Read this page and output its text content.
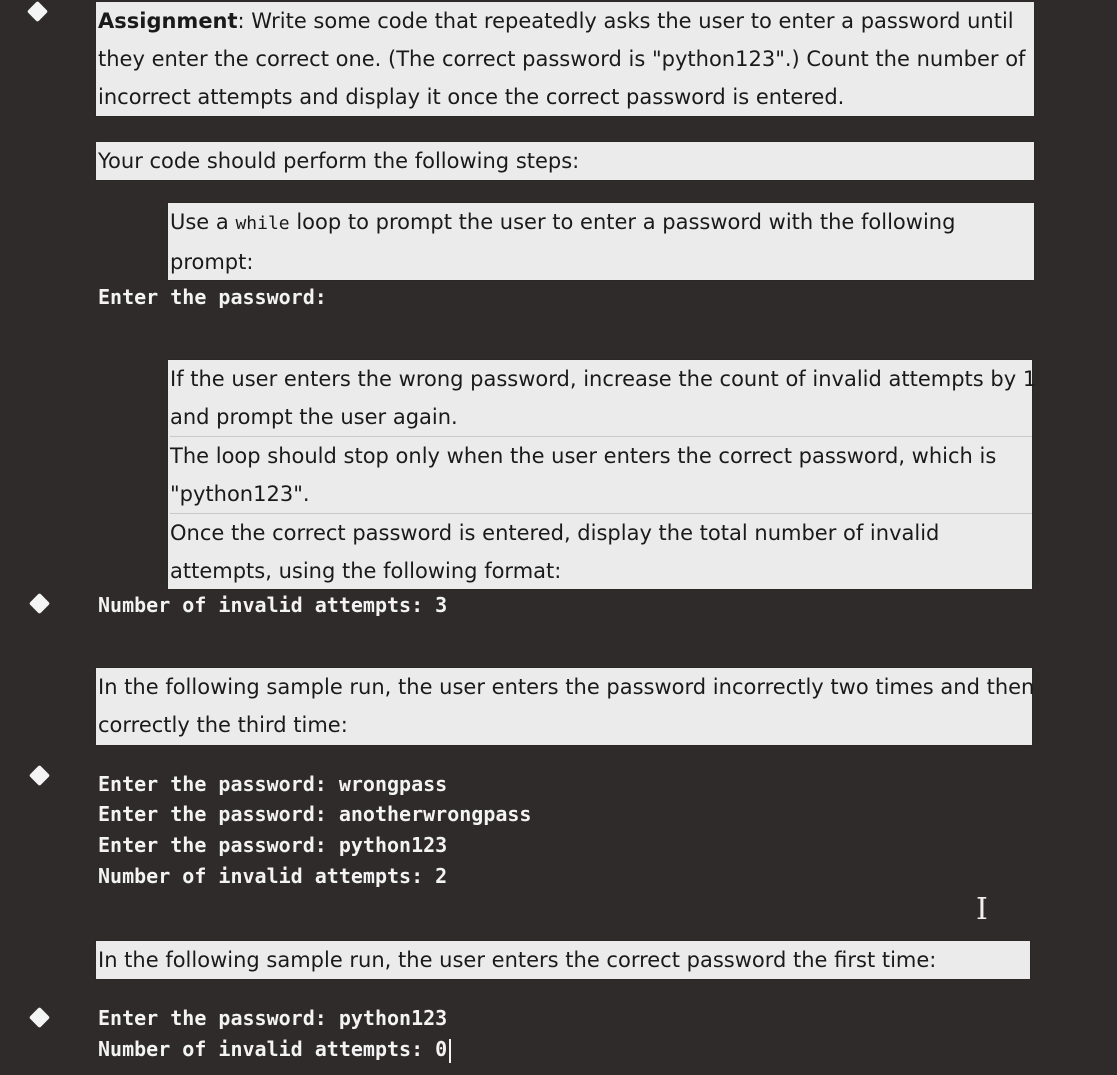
Assignment: Write some code that repeatedly asks the user to enter a password until
they enter the correct one. (The correct password is "python123".) Count the number of
incorrect attempts and display it once the correct password is entered.
Your code should perform the following steps:
Use a while loop to prompt the user to enter a password with the following
prompt:
Enter the password:
If the user enters the wrong password, increase the count of invalid attempts by 1
and prompt the user again.
The loop should stop only when the user enters the correct password, which is
"python123".
Once the correct password is entered, display the total number of invalid
attempts, using the following format:
Number of invalid attempts: 3
In the following sample run, the user enters the password incorrectly two times and then
correctly the third time:
Enter the password: wrongpass
Enter the password: anotherwrongpass
Enter the password: python123
Number of invalid attempts: 2
I
In the following sample run, the user enters the correct password the first time:
Enter the password: python123
Number of invalid attempts: 0
